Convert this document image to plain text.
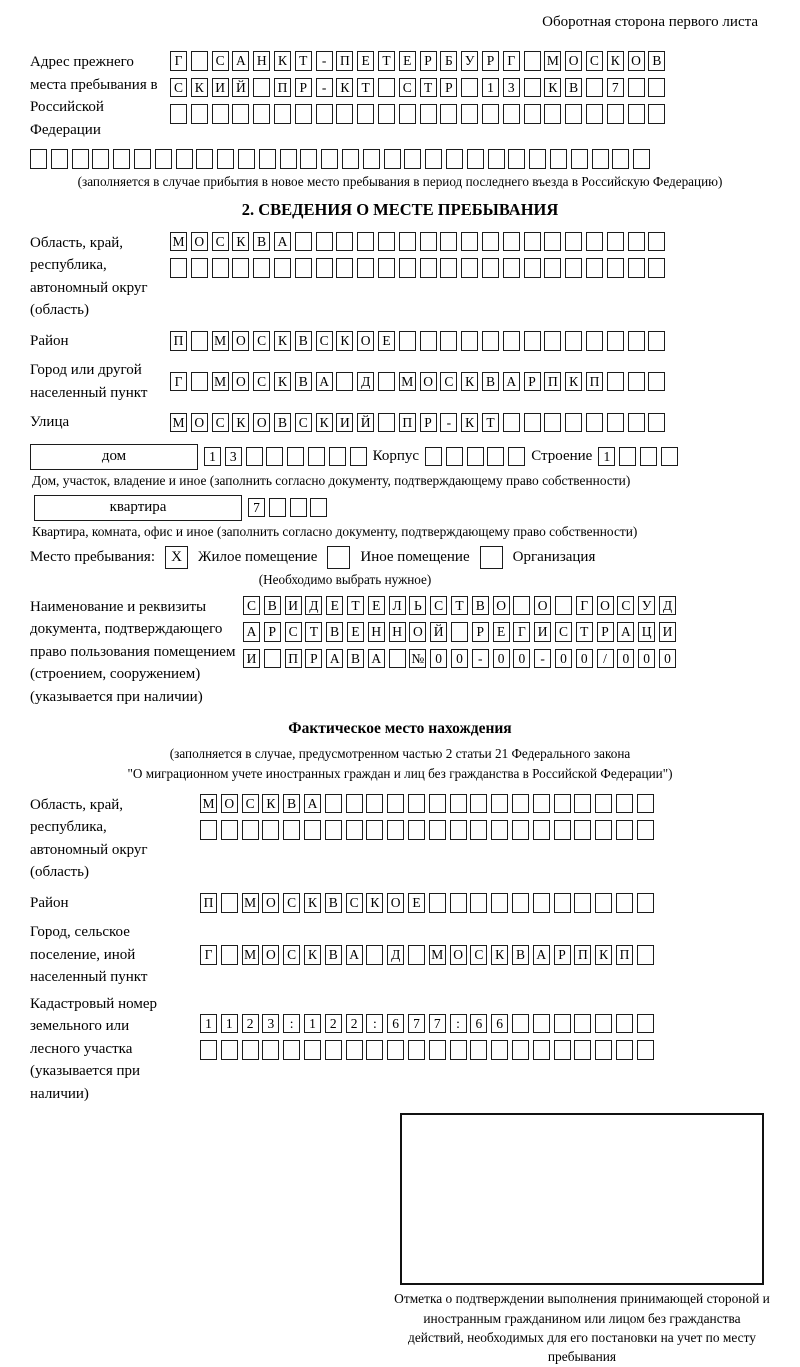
Оборотная сторона первого листа
Адрес прежнего места пребывания в Российской Федерации
Г	С А Н К Т	-	П Е Т Е Р Б У Р Г	М О С К О В
С К И Й П Р	-	К Т	С Т Р	1	3	К В	7
(заполняется в случае прибытия в новое место пребывания в период последнего въезда в Российскую Федерацию)
2. СВЕДЕНИЯ О МЕСТЕ ПРЕБЫВАНИЯ
Область, край, республика, автономный округ (область)
М О С К В А
Район	П М О С К В С К О Е
Город или другой населенный пункт
Г	М О С К В А Д М О С К В А Р П К П
Улица	М О С К О В С К И Й П Р	-	К Т
дом	1	3	Корпус	Строение 1
Дом, участок, владение и иное (заполнить согласно документу, подтверждающему право собственности)
квартира	7
Квартира, комната, офис и иное (заполнить согласно документу, подтверждающему право собственности)
Место пребывания:	X	Жилое помещение	Иное помещение	Организация
(Необходимо выбрать нужное)
Наименование и реквизиты документа, подтверждающего право пользования помещением (строением, сооружением) (указывается при наличии)
С В И Д Е Т Е Л Ь С Т В О О	Г О С У Д
А Р С Т В Е Н Н О Й	Р Е Г И С Т Р А Ц И
И П Р А В А № 0	0	-	0	0	-	0	0	/	0	0	0
Фактическое место нахождения
(заполняется в случае, предусмотренном частью 2 статьи 21 Федерального закона
"О миграционном учете иностранных граждан и лиц без гражданства в Российской Федерации")
Область, край, республика, автономный округ (область)
М О С К В А
Район	П М О С К В С К О Е
Город, сельское поселение, иной населенный пункт
Г	М О С К В А Д М О С К В А Р П К П
Кадастровый номер земельного или лесного участка (указывается при наличии)
1	1	2	3	:	1	2	2	:	6	7	7	:	6	6
Отметка о подтверждении выполнения принимающей стороной и иностранным гражданином или лицом без гражданства действий, необходимых для его постановки на учет по месту пребывания
